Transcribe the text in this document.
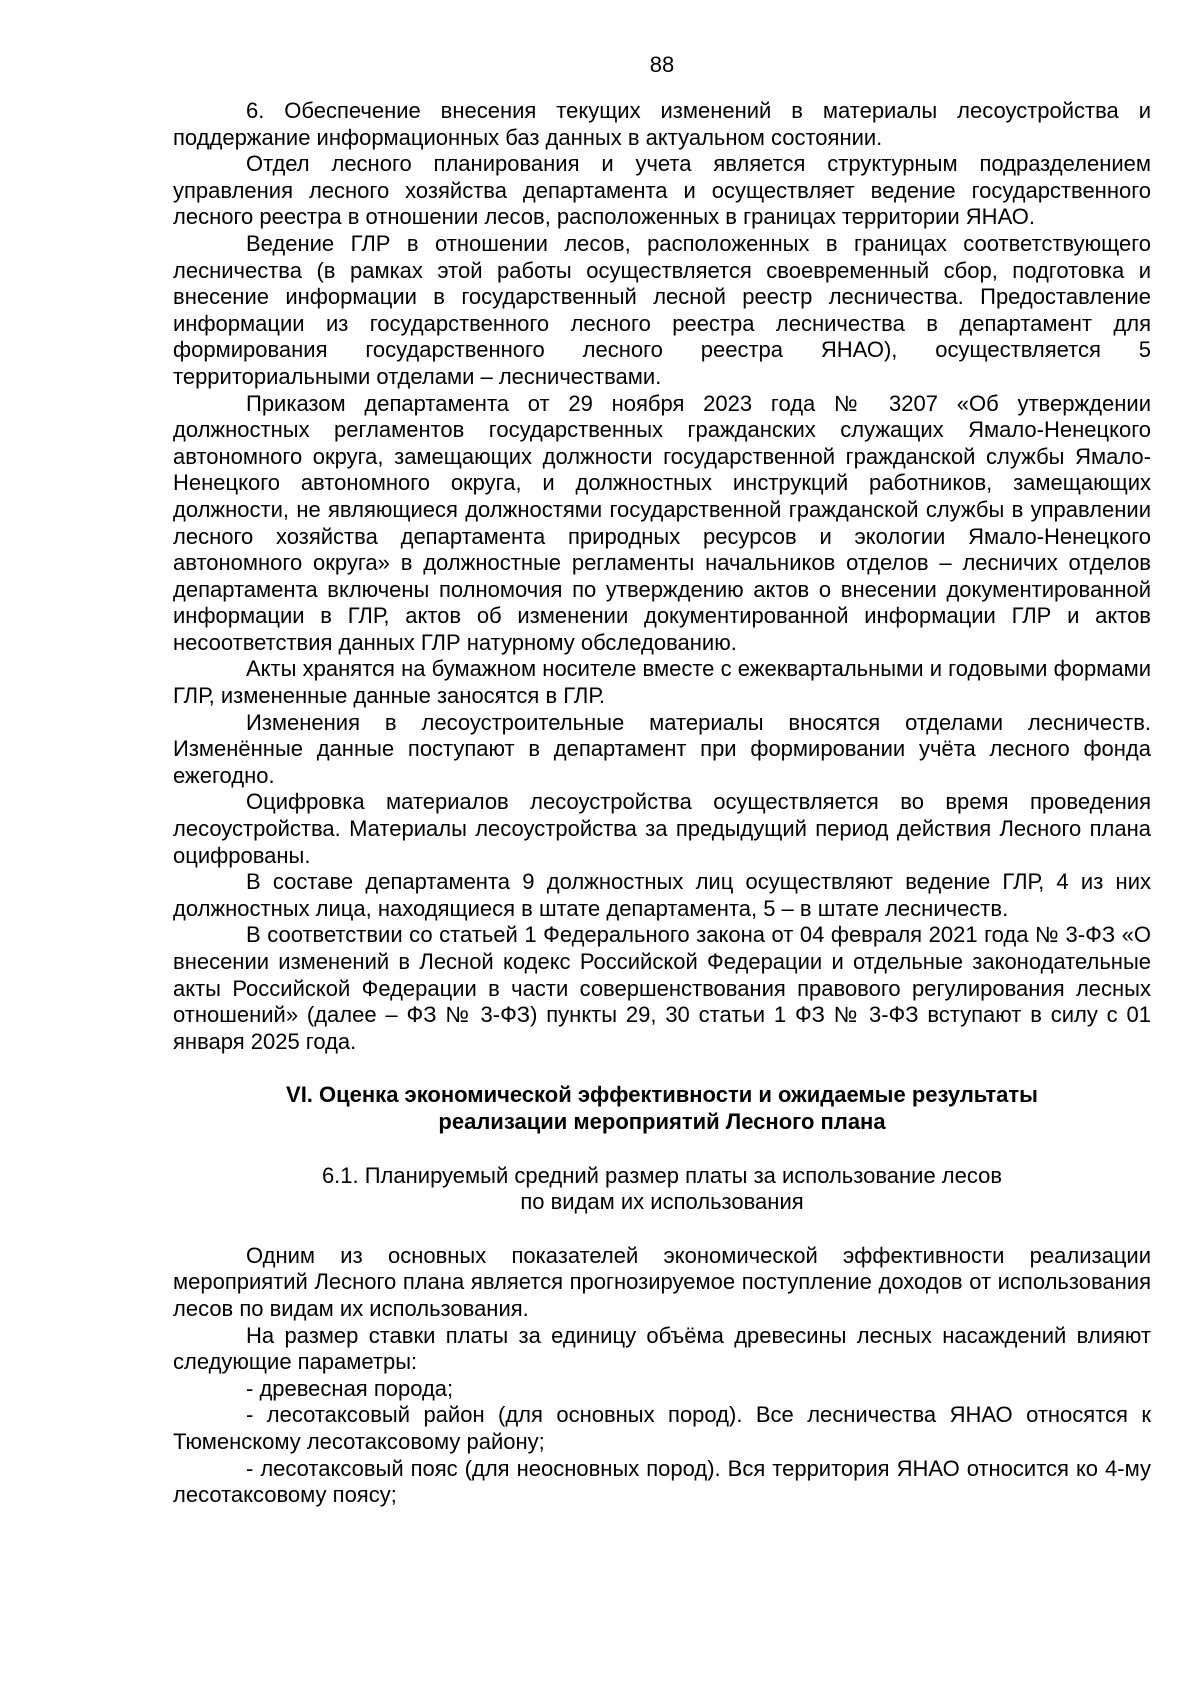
88

6. Обеспечение внесения текущих изменений в материалы лесоустройства и поддержание информационных баз данных в актуальном состоянии.

Отдел лесного планирования и учета является структурным подразделением управления лесного хозяйства департамента и осуществляет ведение государственного лесного реестра в отношении лесов, расположенных в границах территории ЯНАО.

Ведение ГЛР в отношении лесов, расположенных в границах соответствующего лесничества (в рамках этой работы осуществляется своевременный сбор, подготовка и внесение информации в государственный лесной реестр лесничества. Предоставление информации из государственного лесного реестра лесничества в департамент для формирования государственного лесного реестра ЯНАО), осуществляется 5 территориальными отделами – лесничествами.

Приказом департамента от 29 ноября 2023 года № 3207 «Об утверждении должностных регламентов государственных гражданских служащих Ямало-Ненецкого автономного округа, замещающих должности государственной гражданской службы Ямало-Ненецкого автономного округа, и должностных инструкций работников, замещающих должности, не являющиеся должностями государственной гражданской службы в управлении лесного хозяйства департамента природных ресурсов и экологии Ямало-Ненецкого автономного округа» в должностные регламенты начальников отделов – лесничих отделов департамента включены полномочия по утверждению актов о внесении документированной информации в ГЛР, актов об изменении документированной информации ГЛР и актов несоответствия данных ГЛР натурному обследованию.

Акты хранятся на бумажном носителе вместе с ежеквартальными и годовыми формами ГЛР, измененные данные заносятся в ГЛР.

Изменения в лесоустроительные материалы вносятся отделами лесничеств. Изменённые данные поступают в департамент при формировании учёта лесного фонда ежегодно.

Оцифровка материалов лесоустройства осуществляется во время проведения лесоустройства. Материалы лесоустройства за предыдущий период действия Лесного плана оцифрованы.

В составе департамента 9 должностных лиц осуществляют ведение ГЛР, 4 из них должностных лица, находящиеся в штате департамента, 5 – в штате лесничеств.

В соответствии со статьей 1 Федерального закона от 04 февраля 2021 года № 3-ФЗ «О внесении изменений в Лесной кодекс Российской Федерации и отдельные законодательные акты Российской Федерации в части совершенствования правового регулирования лесных отношений» (далее – ФЗ № 3-ФЗ) пункты 29, 30 статьи 1 ФЗ № 3-ФЗ вступают в силу с 01 января 2025 года.

VI. Оценка экономической эффективности и ожидаемые результаты
реализации мероприятий Лесного плана
6.1. Планируемый средний размер платы за использование лесов
по видам их использования

Одним из основных показателей экономической эффективности реализации мероприятий Лесного плана является прогнозируемое поступление доходов от использования лесов по видам их использования.

На размер ставки платы за единицу объёма древесины лесных насаждений влияют следующие параметры:

- древесная порода;

- лесотаксовый район (для основных пород). Все лесничества ЯНАО относятся к Тюменскому лесотаксовому району;

- лесотаксовый пояс (для неосновных пород). Вся территория ЯНАО относится ко 4-му лесотаксовому поясу;
